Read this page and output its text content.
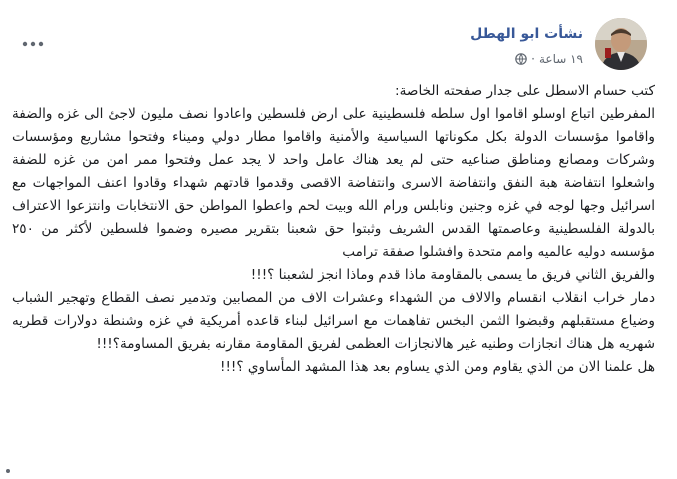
نشأت ابو الهطل
١٩ ساعة
·

كتب حسام الاسطل على جدار صفحته الخاصة:

المفرطين اتباع اوسلو اقاموا اول سلطه فلسطينية على ارض فلسطين واعادوا نصف مليون لاجئ الى غزه والضفة واقاموا مؤسسات الدولة بكل مكوناتها السياسية والأمنية واقاموا مطار دولي وميناء وفتحوا مشاريع ومؤسسات وشركات ومصانع ومناطق صناعيه حتى لم يعد هناك عامل واحد لا يجد عمل وفتحوا ممر امن من غزه للضفة واشعلوا انتفاضة هبة النفق وانتفاضة الاسرى وانتفاضة الاقصى وقدموا قادتهم شهداء وقادوا اعنف المواجهات مع اسرائيل وجها لوجه في غزه وجنين ونابلس ورام الله وبيت لحم واعطوا المواطن حق الانتخابات وانتزعوا الاعتراف بالدولة الفلسطينية وعاصمتها القدس الشريف وثبتوا حق شعبنا بتقرير مصيره وضموا فلسطين لأكثر من ٢٥٠ مؤسسه دوليه عالميه وامم متحدة وافشلوا صفقة ترامب

والفريق الثاني فريق ما يسمى بالمقاومة ماذا قدم وماذا انجز لشعبنا ؟!!!

دمار خراب انقلاب انقسام والالاف من الشهداء وعشرات الاف من المصابين وتدمير نصف القطاع وتهجير الشباب وضياع مستقبلهم وقبضوا الثمن البخس تفاهمات مع اسرائيل لبناء قاعده أمريكية في غزه وشنطة دولارات قطريه شهريه هل هناك انجازات وطنيه غير هالانجازات العظمى لفريق المقاومة مقارنه بفريق المساومة؟!!!

هل علمنا الان من الذي يقاوم ومن الذي يساوم بعد هذا المشهد المأساوي ؟!!!
